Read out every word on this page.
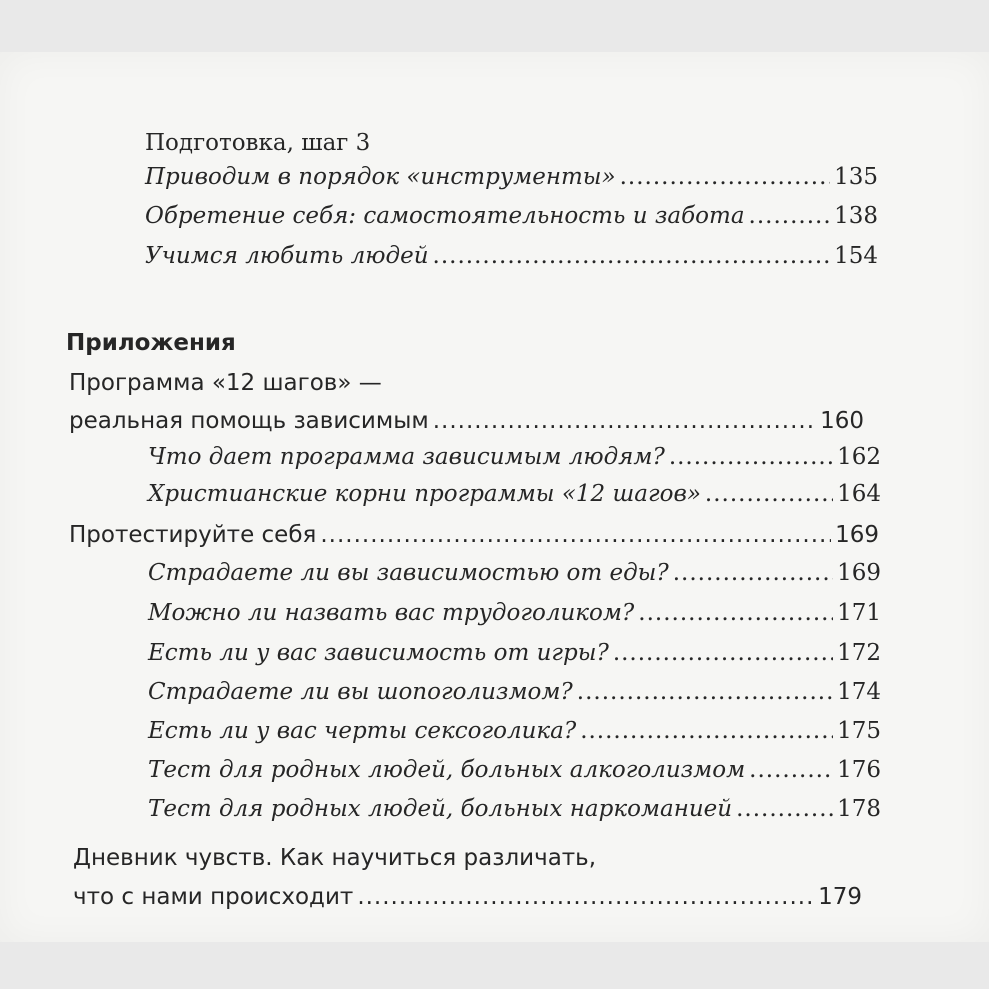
Подготовка, шаг 3
Приводим в порядок «инструменты» .....	135
Обретение себя: самостоятельность и забота .....	138
Учимся любить людей .....	154
Приложения
Программа «12 шагов» —
реальная помощь зависимым .....	160
Что дает программа зависимым людям? .....	162
Христианские корни программы «12 шагов» .....	164
Протестируйте себя .....	169
Страдаете ли вы зависимостью от еды? .....	169
Можно ли назвать вас трудоголиком? .....	171
Есть ли у вас зависимость от игры? .....	172
Страдаете ли вы шопоголизмом? .....	174
Есть ли у вас черты сексоголика? .....	175
Тест для родных людей, больных алкоголизмом .....	176
Тест для родных людей, больных наркоманией .....	178
Дневник чувств. Как научиться различать,
что с нами происходит .....	179
